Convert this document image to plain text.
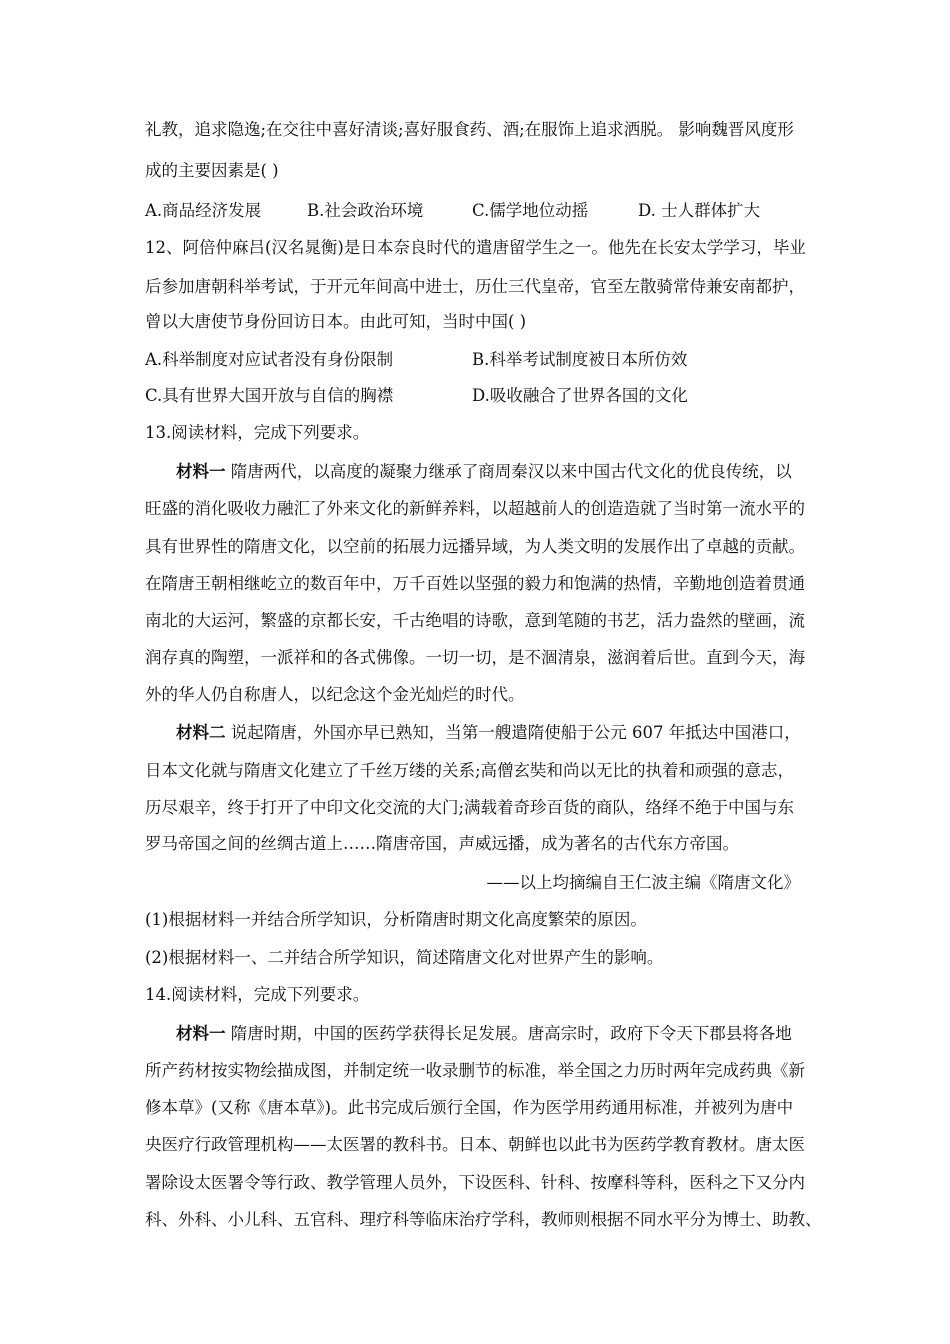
礼教，追求隐逸;在交往中喜好清谈;喜好服食药、酒;在服饰上追求洒脱。 影响魏晋风度形
成的主要因素是( )
A.商品经济发展	B.社会政治环境	C.儒学地位动摇	D. 士人群体扩大
12、阿倍仲麻吕(汉名晁衡)是日本奈良时代的遣唐留学生之一。他先在长安太学学习，毕业
后参加唐朝科举考试，于开元年间高中进士，历仕三代皇帝，官至左散骑常侍兼安南都护，
曾以大唐使节身份回访日本。由此可知，当时中国( )
A.科举制度对应试者没有身份限制	B.科举考试制度被日本所仿效
C.具有世界大国开放与自信的胸襟	D.吸收融合了世界各国的文化
13.阅读材料，完成下列要求。
材料一 隋唐两代，以高度的凝聚力继承了商周秦汉以来中国古代文化的优良传统，以
旺盛的消化吸收力融汇了外来文化的新鲜养料，以超越前人的创造造就了当时第一流水平的
具有世界性的隋唐文化，以空前的拓展力远播异域，为人类文明的发展作出了卓越的贡献。
在隋唐王朝相继屹立的数百年中，万千百姓以坚强的毅力和饱满的热情，辛勤地创造着贯通
南北的大运河，繁盛的京都长安，千古绝唱的诗歌，意到笔随的书艺，活力盎然的壁画，流
润存真的陶塑，一派祥和的各式佛像。一切一切，是不涸清泉，滋润着后世。直到今天，海
外的华人仍自称唐人，以纪念这个金光灿烂的时代。
材料二 说起隋唐，外国亦早已熟知，当第一艘遣隋使船于公元 607 年抵达中国港口，
日本文化就与隋唐文化建立了千丝万缕的关系;高僧玄奘和尚以无比的执着和顽强的意志，
历尽艰辛，终于打开了中印文化交流的大门;满载着奇珍百货的商队，络绎不绝于中国与东
罗马帝国之间的丝绸古道上……隋唐帝国，声威远播，成为著名的古代东方帝国。
——以上均摘编自王仁波主编《隋唐文化》
(1)根据材料一并结合所学知识，分析隋唐时期文化高度繁荣的原因。
(2)根据材料一、二并结合所学知识，简述隋唐文化对世界产生的影响。
14.阅读材料，完成下列要求。
材料一 隋唐时期，中国的医药学获得长足发展。唐高宗时，政府下令天下郡县将各地
所产药材按实物绘描成图，并制定统一收录删节的标准，举全国之力历时两年完成药典《新
修本草》(又称《唐本草》)。此书完成后颁行全国，作为医学用药通用标准，并被列为唐中
央医疗行政管理机构——太医署的教科书。日本、朝鲜也以此书为医药学教育教材。唐太医
署除设太医署令等行政、教学管理人员外，下设医科、针科、按摩科等科，医科之下又分内
科、外科、小儿科、五官科、理疗科等临床治疗学科，教师则根据不同水平分为博士、助教、
